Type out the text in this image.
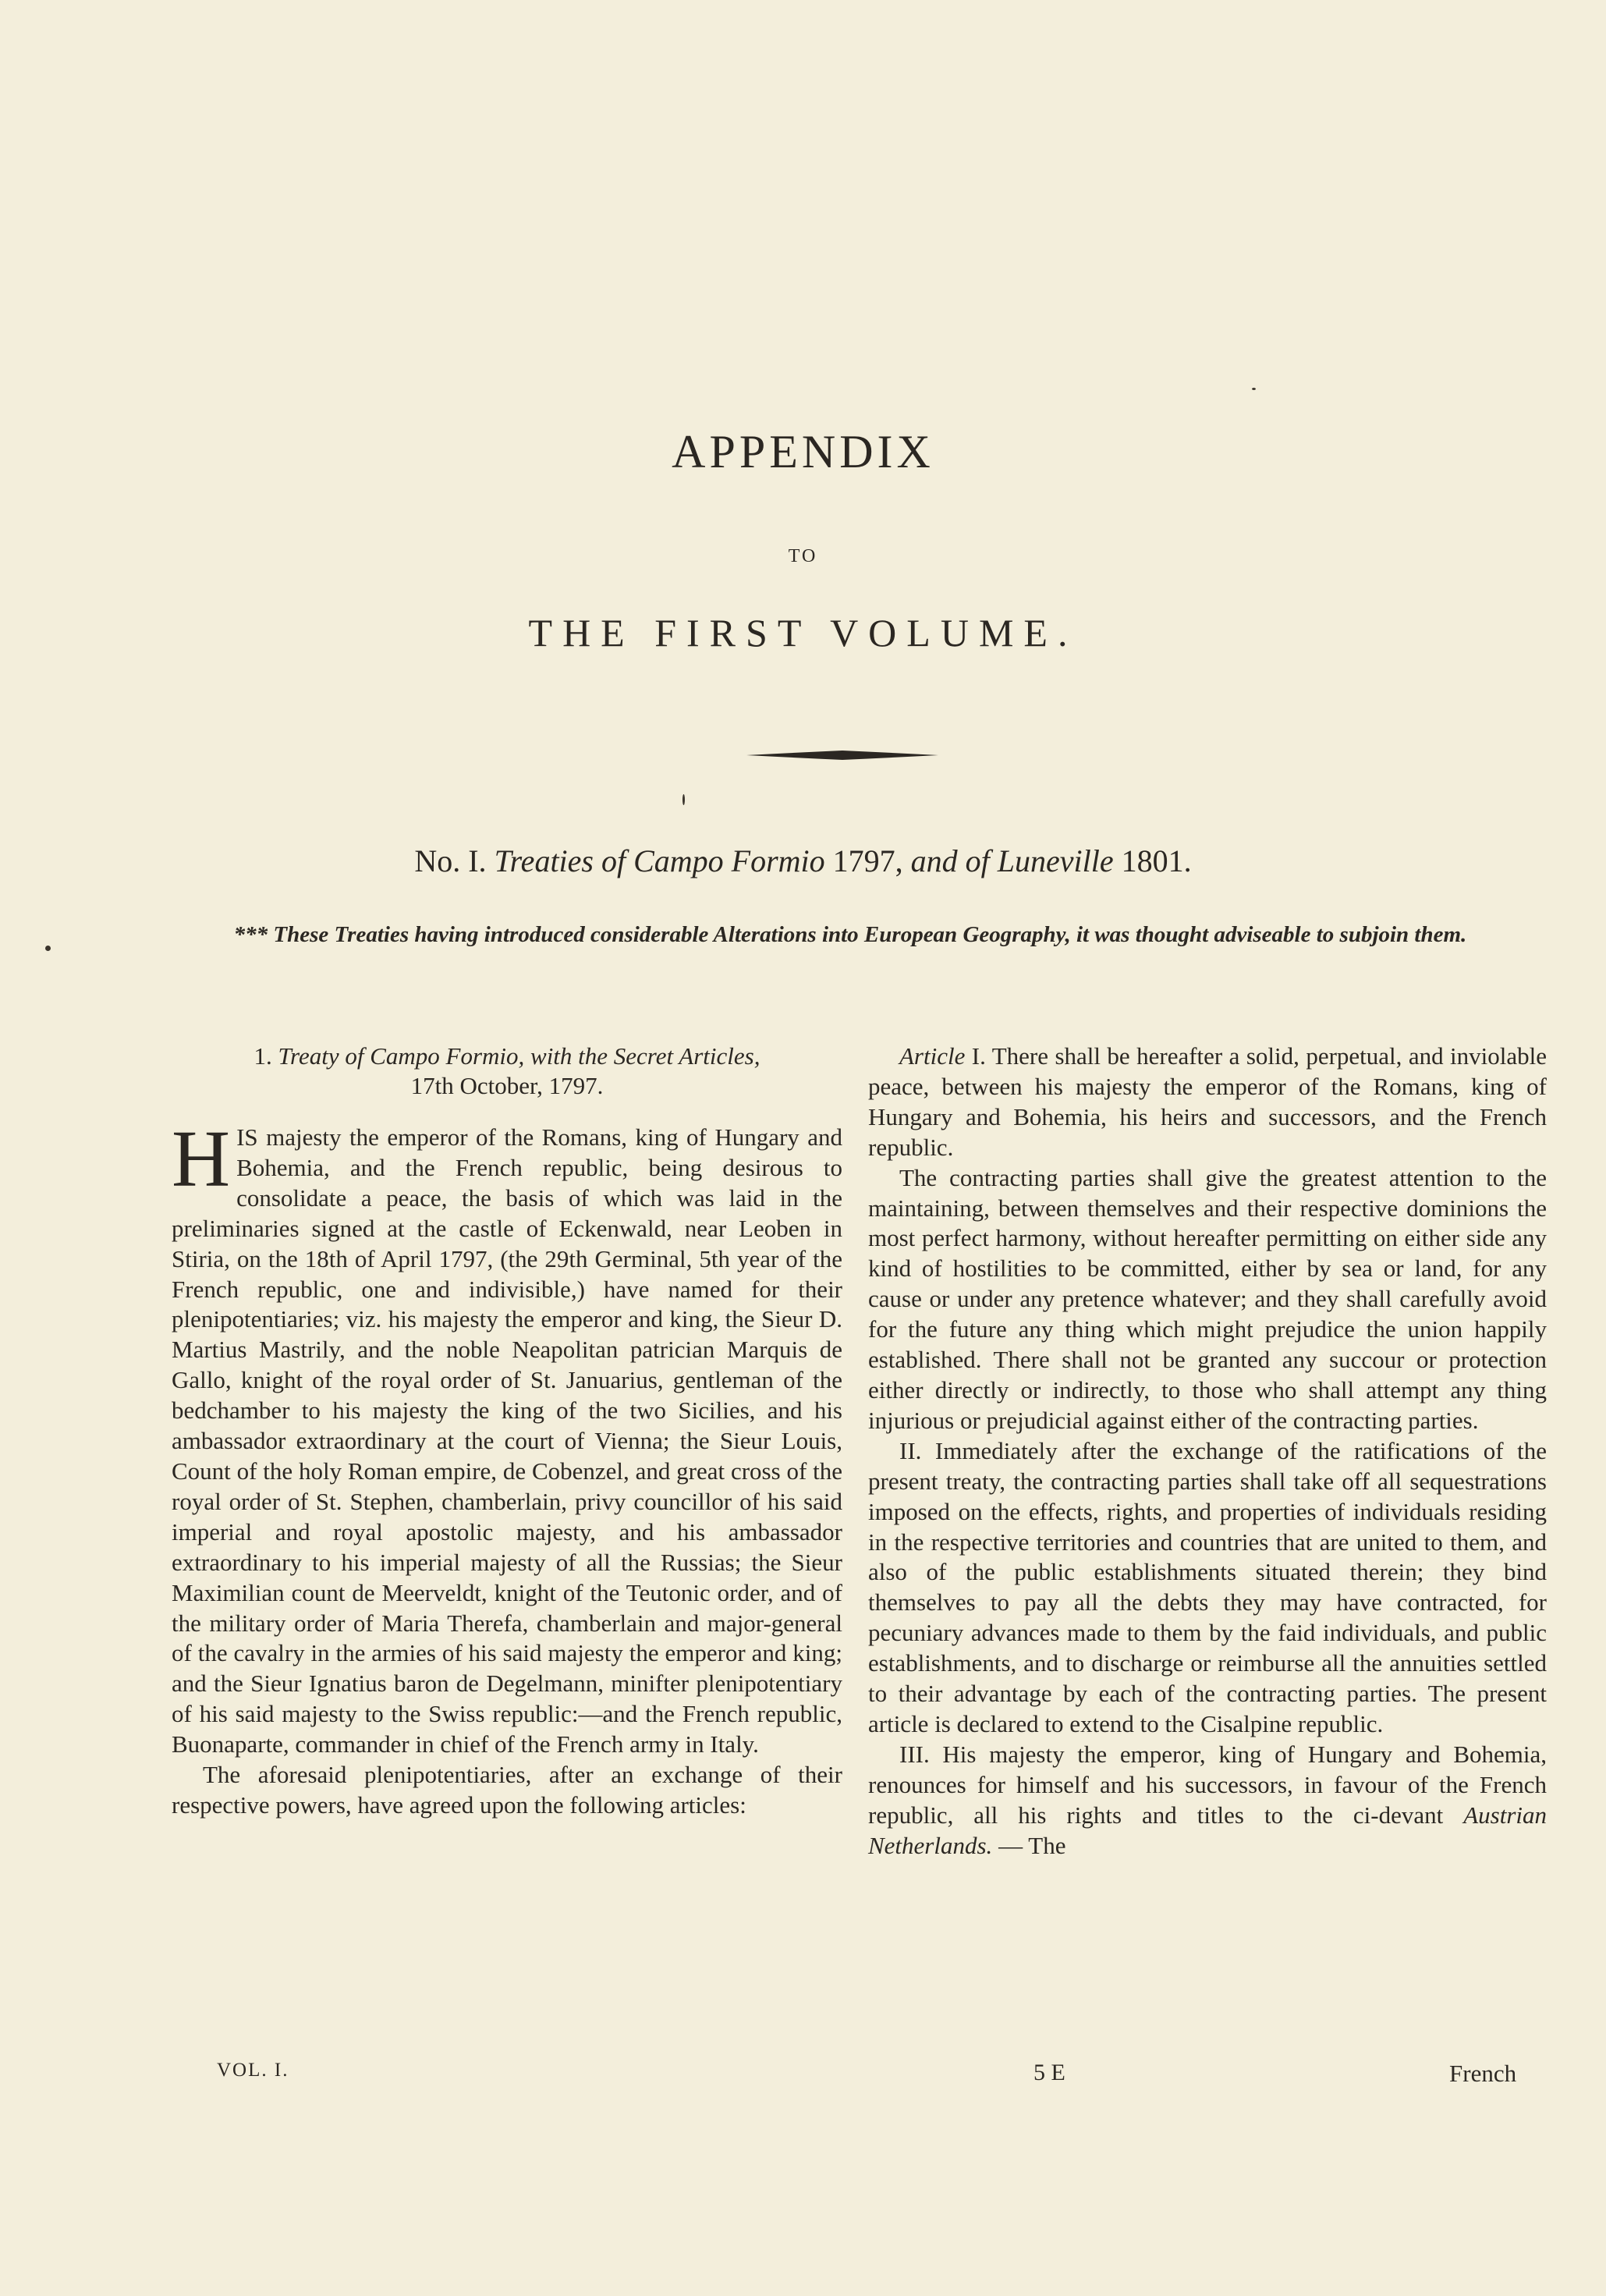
APPENDIX
TO
THE FIRST VOLUME.
No. I. Treaties of Campo Formio 1797, and of Luneville 1801.
*** These Treaties having introduced considerable Alterations into European Geography, it was thought adviseable to subjoin them.
1. Treaty of Campo Formio, with the Secret Articles,
17th October, 1797.

HIS majesty the emperor of the Romans, king of Hungary and Bohemia, and the French republic, being desirous to consolidate a peace, the basis of which was laid in the preliminaries signed at the castle of Eckenwald, near Leoben in Stiria, on the 18th of April 1797, (the 29th Germinal, 5th year of the French republic, one and indivisible,) have named for their plenipotentiaries; viz. his majesty the emperor and king, the Sieur D. Martius Mastrily, and the noble Neapolitan patrician Marquis de Gallo, knight of the royal order of St. Januarius, gentleman of the bedchamber to his majesty the king of the two Sicilies, and his ambassador extraordinary at the court of Vienna; the Sieur Louis, Count of the holy Roman empire, de Cobenzel, and great cross of the royal order of St. Stephen, chamberlain, privy councillor of his said imperial and royal apostolic majesty, and his ambassador extraordinary to his imperial majesty of all the Russias; the Sieur Maximilian count de Meerveldt, knight of the Teutonic order, and of the military order of Maria Therefa, chamberlain and major-general of the cavalry in the armies of his said majesty the emperor and king; and the Sieur Ignatius baron de Degelmann, minifter plenipotentiary of his said majesty to the Swiss republic:—and the French republic, Buonaparte, commander in chief of the French army in Italy.

The aforesaid plenipotentiaries, after an exchange of their respective powers, have agreed upon the following articles:

Article I. There shall be hereafter a solid, perpetual, and inviolable peace, between his majesty the emperor of the Romans, king of Hungary and Bohemia, his heirs and successors, and the French republic.

The contracting parties shall give the greatest attention to the maintaining, between themselves and their respective dominions the most perfect harmony, without hereafter permitting on either side any kind of hostilities to be committed, either by sea or land, for any cause or under any pretence whatever; and they shall carefully avoid for the future any thing which might prejudice the union happily established. There shall not be granted any succour or protection either directly or indirectly, to those who shall attempt any thing injurious or prejudicial against either of the contracting parties.

II. Immediately after the exchange of the ratifications of the present treaty, the contracting parties shall take off all sequestrations imposed on the effects, rights, and properties of individuals residing in the respective territories and countries that are united to them, and also of the public establishments situated therein; they bind themselves to pay all the debts they may have contracted, for pecuniary advances made to them by the faid individuals, and public establishments, and to discharge or reimburse all the annuities settled to their advantage by each of the contracting parties. The present article is declared to extend to the Cisalpine republic.

III. His majesty the emperor, king of Hungary and Bohemia, renounces for himself and his successors, in favour of the French republic, all his rights and titles to the ci-devant Austrian Netherlands. — The

VOL. I.	5 E	French
